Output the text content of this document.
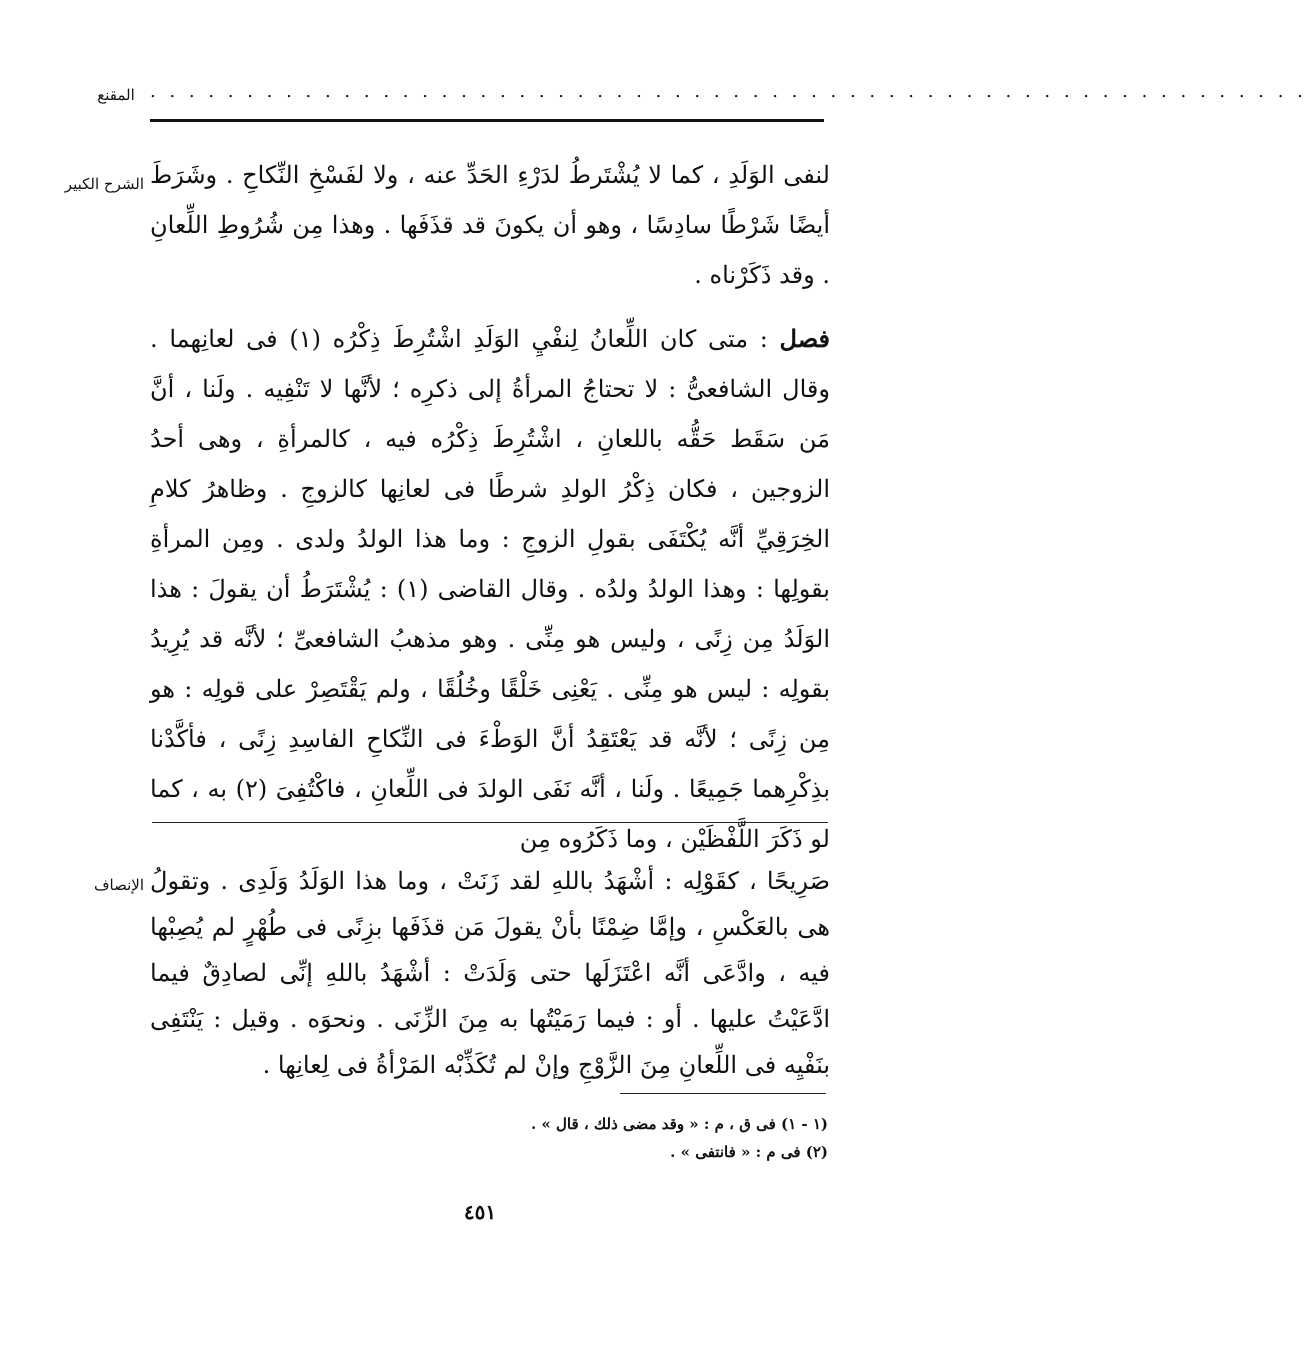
المقنع . . . . . . . . . . . . . . . . . . . . . . . . . . . . . . . . . . . . . . . . . . . . . . . . . . . . . . . . . . . .
الشرح الكبير لنفى الوَلَدِ ، كما لا يُشْتَرطُ لدَرْءِ الحَدِّ عنه ، ولا لفَسْخِ النِّكاحِ . وشَرَطَ أيضًا شَرْطًا سادِسًا ، وهو أن يكونَ قد قذَفَها . وهذا مِن شُرُوطِ اللِّعانِ . وقد ذَكَرْناه .

فصل : متى كان اللِّعانُ لِنفْيِ الوَلَدِ اشْتُرِطَ ذِكْرُه (١) فى لعانِهما . وقال الشافعىُّ : لا تحتاجُ المرأةُ إلى ذكرِه ؛ لأنَّها لا تَنْفِيه . ولَنا ، أنَّ مَن سَقَط حَقُّه باللعانِ ، اشْتُرِطَ ذِكْرُه فيه ، كالمرأةِ ، وهى أحدُ الزوجين ، فكان ذِكْرُ الولدِ شرطًا فى لعانِها كالزوجِ . وظاهرُ كلامِ الخِرَقِيِّ أنَّه يُكْتَفَى بقولِ الزوجِ : وما هذا الولدُ ولدى . ومِن المرأةِ بقولِها : وهذا الولدُ ولدُه . وقال القاضى (١) : يُشْتَرَطُ أن يقولَ : هذا الوَلَدُ مِن زِنًى ، وليس هو مِنِّى . وهو مذهبُ الشافعىِّ ؛ لأنَّه قد يُرِيدُ بقولِه : ليس هو مِنِّى . يَعْنِى خَلْقًا وخُلُقًا ، ولم يَقْتَصِرْ على قولِه : هو مِن زِنًى ؛ لأنَّه قد يَعْتَقِدُ أنَّ الوَطْءَ فى النِّكاحِ الفاسِدِ زِنًى ، فأكَّدْنا بذِكْرِهما جَمِيعًا . ولَنا ، أنَّه نَفَى الولدَ فى اللِّعانِ ، فاكْتُفِىَ (٢) به ، كما لو ذَكَرَ اللَّفْظَيْن ، وما ذَكَرُوه مِن

الإنصاف صَرِيحًا ، كقَوْلِه : أشْهَدُ باللهِ لقد زَنَتْ ، وما هذا الوَلَدُ وَلَدِى . وتقولُ هى بالعَكْسِ ، وإمَّا ضِمْنًا بأنْ يقولَ مَن قذَفَها بزِنًى فى طُهْرٍ لم يُصِبْها فيه ، وادَّعَى أنَّه اعْتَزَلَها حتى وَلَدَتْ : أشْهَدُ باللهِ إنِّى لصادِقٌ فيما ادَّعَيْتُ عليها . أو : فيما رَمَيْتُها به مِنَ الزِّنَى . ونحوَه . وقيل : يَنْتَفِى بنَفْيِه فى اللِّعانِ مِنَ الزَّوْجِ وإنْ لم تُكَذِّبْه المَرْأةُ فى لِعانِها .

(١ - ١) فى ق ، م : « وقد مضى ذلك ، قال » .
(٢) فى م : « فانتفى » .
٤٥١
